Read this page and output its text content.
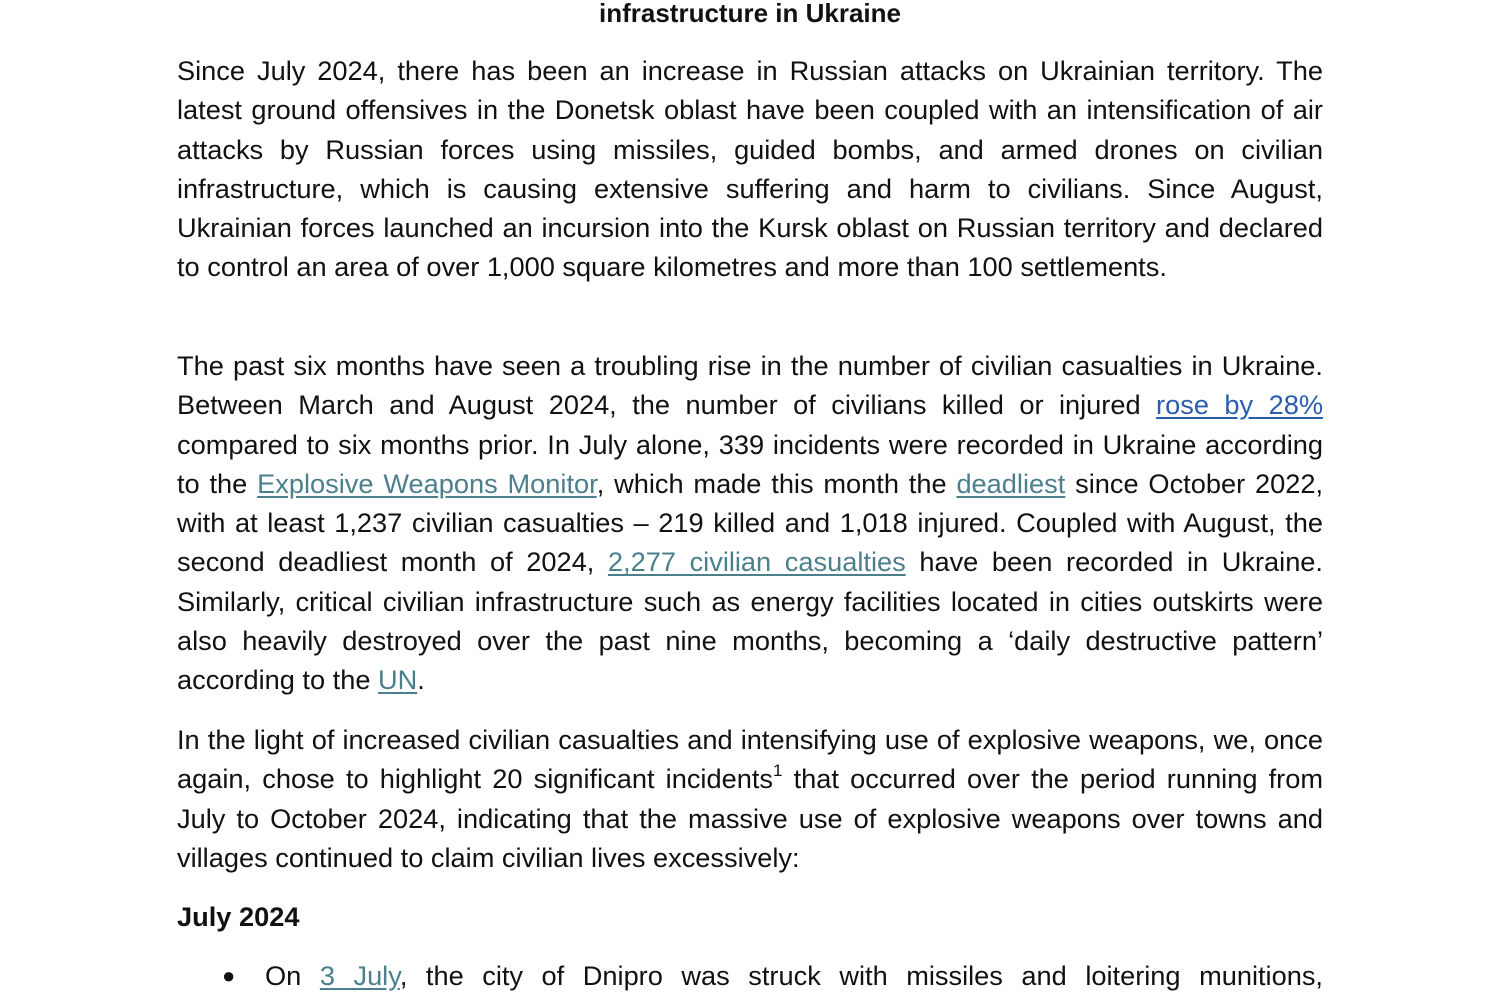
infrastructure in Ukraine

Since July 2024, there has been an increase in Russian attacks on Ukrainian territory. The latest ground offensives in the Donetsk oblast have been coupled with an intensification of air attacks by Russian forces using missiles, guided bombs, and armed drones on civilian infrastructure, which is causing extensive suffering and harm to civilians. Since August, Ukrainian forces launched an incursion into the Kursk oblast on Russian territory and declared to control an area of over 1,000 square kilometres and more than 100 settlements.

The past six months have seen a troubling rise in the number of civilian casualties in Ukraine. Between March and August 2024, the number of civilians killed or injured rose by 28% compared to six months prior. In July alone, 339 incidents were recorded in Ukraine according to the Explosive Weapons Monitor, which made this month the deadliest since October 2022, with at least 1,237 civilian casualties – 219 killed and 1,018 injured. Coupled with August, the second deadliest month of 2024, 2,277 civilian casualties have been recorded in Ukraine. Similarly, critical civilian infrastructure such as energy facilities located in cities outskirts were also heavily destroyed over the past nine months, becoming a ‘daily destructive pattern’ according to the UN.

In the light of increased civilian casualties and intensifying use of explosive weapons, we, once again, chose to highlight 20 significant incidents$^1$ that occurred over the period running from July to October 2024, indicating that the massive use of explosive weapons over towns and villages continued to claim civilian lives excessively:

July 2024
● On 3 July, the city of Dnipro was struck with missiles and loitering munitions,
